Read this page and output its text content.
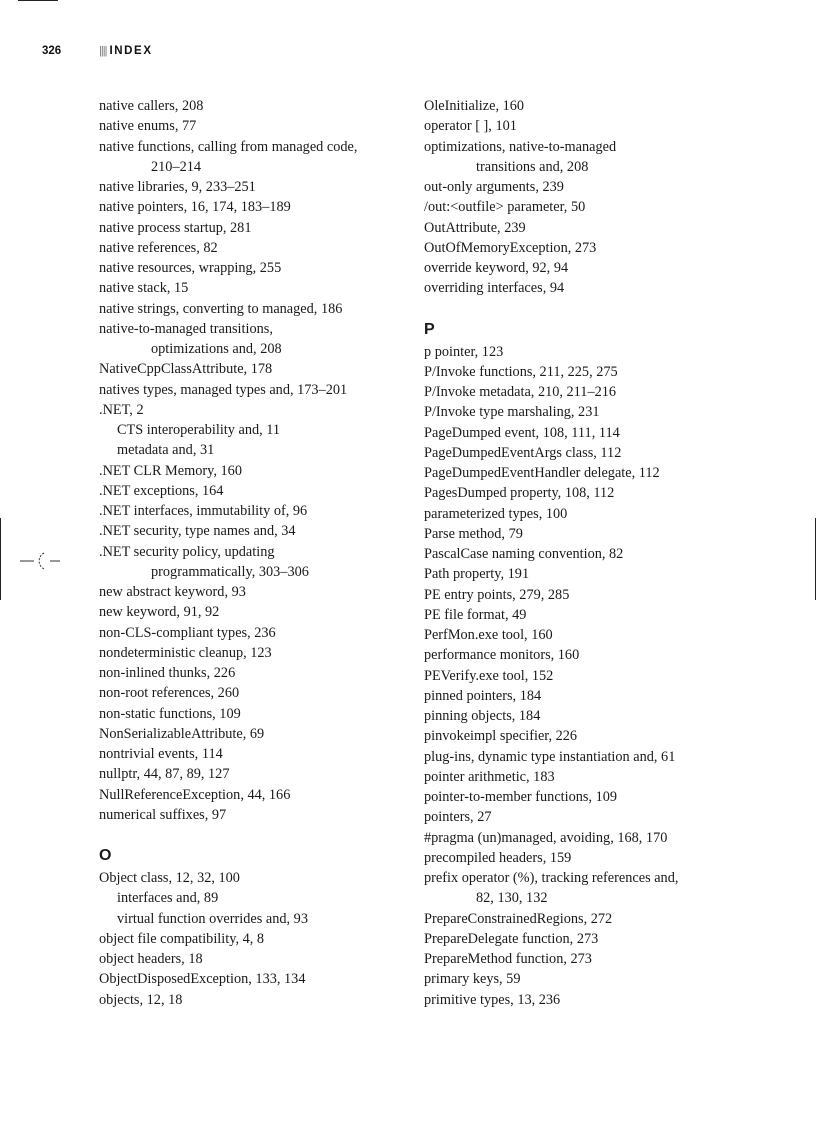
326	|||| INDEX
native callers, 208
native enums, 77
native functions, calling from managed code,
210–214
native libraries, 9, 233–251
native pointers, 16, 174, 183–189
native process startup, 281
native references, 82
native resources, wrapping, 255
native stack, 15
native strings, converting to managed, 186
native-to-managed transitions,
optimizations and, 208
NativeCppClassAttribute, 178
natives types, managed types and, 173–201
.NET, 2
CTS interoperability and, 11
metadata and, 31
.NET CLR Memory, 160
.NET exceptions, 164
.NET interfaces, immutability of, 96
.NET security, type names and, 34
.NET security policy, updating
programmatically, 303–306
new abstract keyword, 93
new keyword, 91, 92
non-CLS-compliant types, 236
nondeterministic cleanup, 123
non-inlined thunks, 226
non-root references, 260
non-static functions, 109
NonSerializableAttribute, 69
nontrivial events, 114
nullptr, 44, 87, 89, 127
NullReferenceException, 44, 166
numerical suffixes, 97
O
Object class, 12, 32, 100
interfaces and, 89
virtual function overrides and, 93
object file compatibility, 4, 8
object headers, 18
ObjectDisposedException, 133, 134
objects, 12, 18
OleInitialize, 160
operator [ ], 101
optimizations, native-to-managed
transitions and, 208
out-only arguments, 239
/out:<outfile> parameter, 50
OutAttribute, 239
OutOfMemoryException, 273
override keyword, 92, 94
overriding interfaces, 94
P
p pointer, 123
P/Invoke functions, 211, 225, 275
P/Invoke metadata, 210, 211–216
P/Invoke type marshaling, 231
PageDumped event, 108, 111, 114
PageDumpedEventArgs class, 112
PageDumpedEventHandler delegate, 112
PagesDumped property, 108, 112
parameterized types, 100
Parse method, 79
PascalCase naming convention, 82
Path property, 191
PE entry points, 279, 285
PE file format, 49
PerfMon.exe tool, 160
performance monitors, 160
PEVerify.exe tool, 152
pinned pointers, 184
pinning objects, 184
pinvokeimpl specifier, 226
plug-ins, dynamic type instantiation and, 61
pointer arithmetic, 183
pointer-to-member functions, 109
pointers, 27
#pragma (un)managed, avoiding, 168, 170
precompiled headers, 159
prefix operator (%), tracking references and,
82, 130, 132
PrepareConstrainedRegions, 272
PrepareDelegate function, 273
PrepareMethod function, 273
primary keys, 59
primitive types, 13, 236
